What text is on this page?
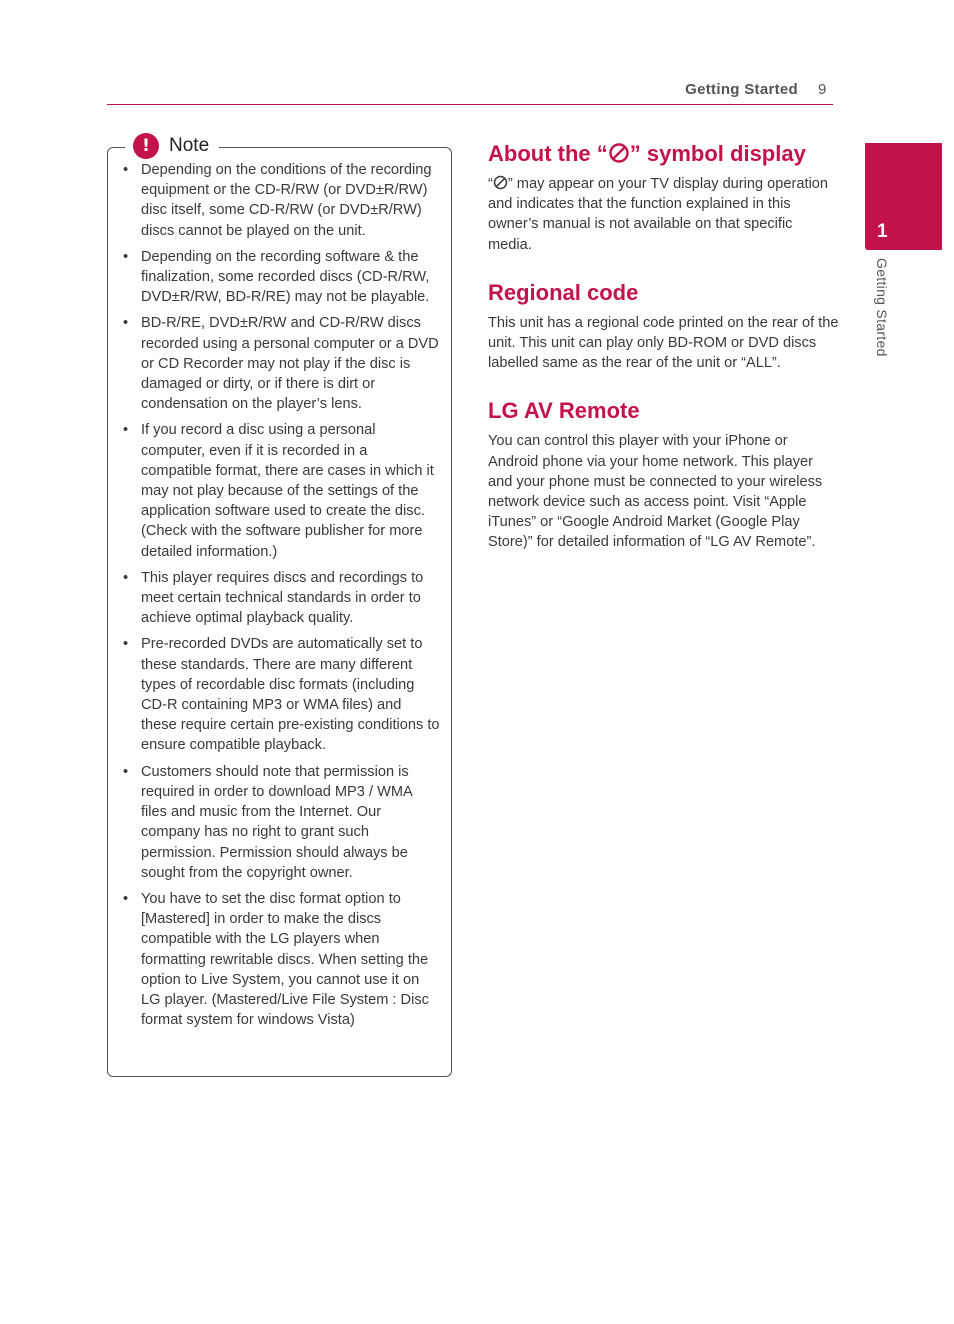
Getting Started 9
1
Getting Started
!	Note
• Depending on the conditions of the recording equipment or the CD-R/RW (or DVD±R/RW) disc itself, some CD-R/RW (or DVD±R/RW) discs cannot be played on the unit.
• Depending on the recording software & the finalization, some recorded discs (CD-R/RW, DVD±R/RW, BD-R/RE) may not be playable.
• BD-R/RE, DVD±R/RW and CD-R/RW discs recorded using a personal computer or a DVD or CD Recorder may not play if the disc is damaged or dirty, or if there is dirt or condensation on the player’s lens.
• If you record a disc using a personal computer, even if it is recorded in a compatible format, there are cases in which it may not play because of the settings of the application software used to create the disc. (Check with the software publisher for more detailed information.)
• This player requires discs and recordings to meet certain technical standards in order to achieve optimal playback quality.
• Pre-recorded DVDs are automatically set to these standards. There are many different types of recordable disc formats (including CD-R containing MP3 or WMA files) and these require certain pre-existing conditions to ensure compatible playback.
• Customers should note that permission is required in order to download MP3 / WMA files and music from the Internet. Our company has no right to grant such permission. Permission should always be sought from the copyright owner.
• You have to set the disc format option to [Mastered] in order to make the discs compatible with the LG players when formatting rewritable discs. When setting the option to Live System, you cannot use it on LG player. (Mastered/Live File System : Disc format system for windows Vista)
About the “ ” symbol display

“ ” may appear on your TV display during operation and indicates that the function explained in this owner’s manual is not available on that specific media.

Regional code

This unit has a regional code printed on the rear of the unit. This unit can play only BD-ROM or DVD discs labelled same as the rear of the unit or “ALL”.

LG AV Remote

You can control this player with your iPhone or Android phone via your home network. This player and your phone must be connected to your wireless network device such as access point. Visit “Apple iTunes” or “Google Android Market (Google Play Store)” for detailed information of “LG AV Remote”.
